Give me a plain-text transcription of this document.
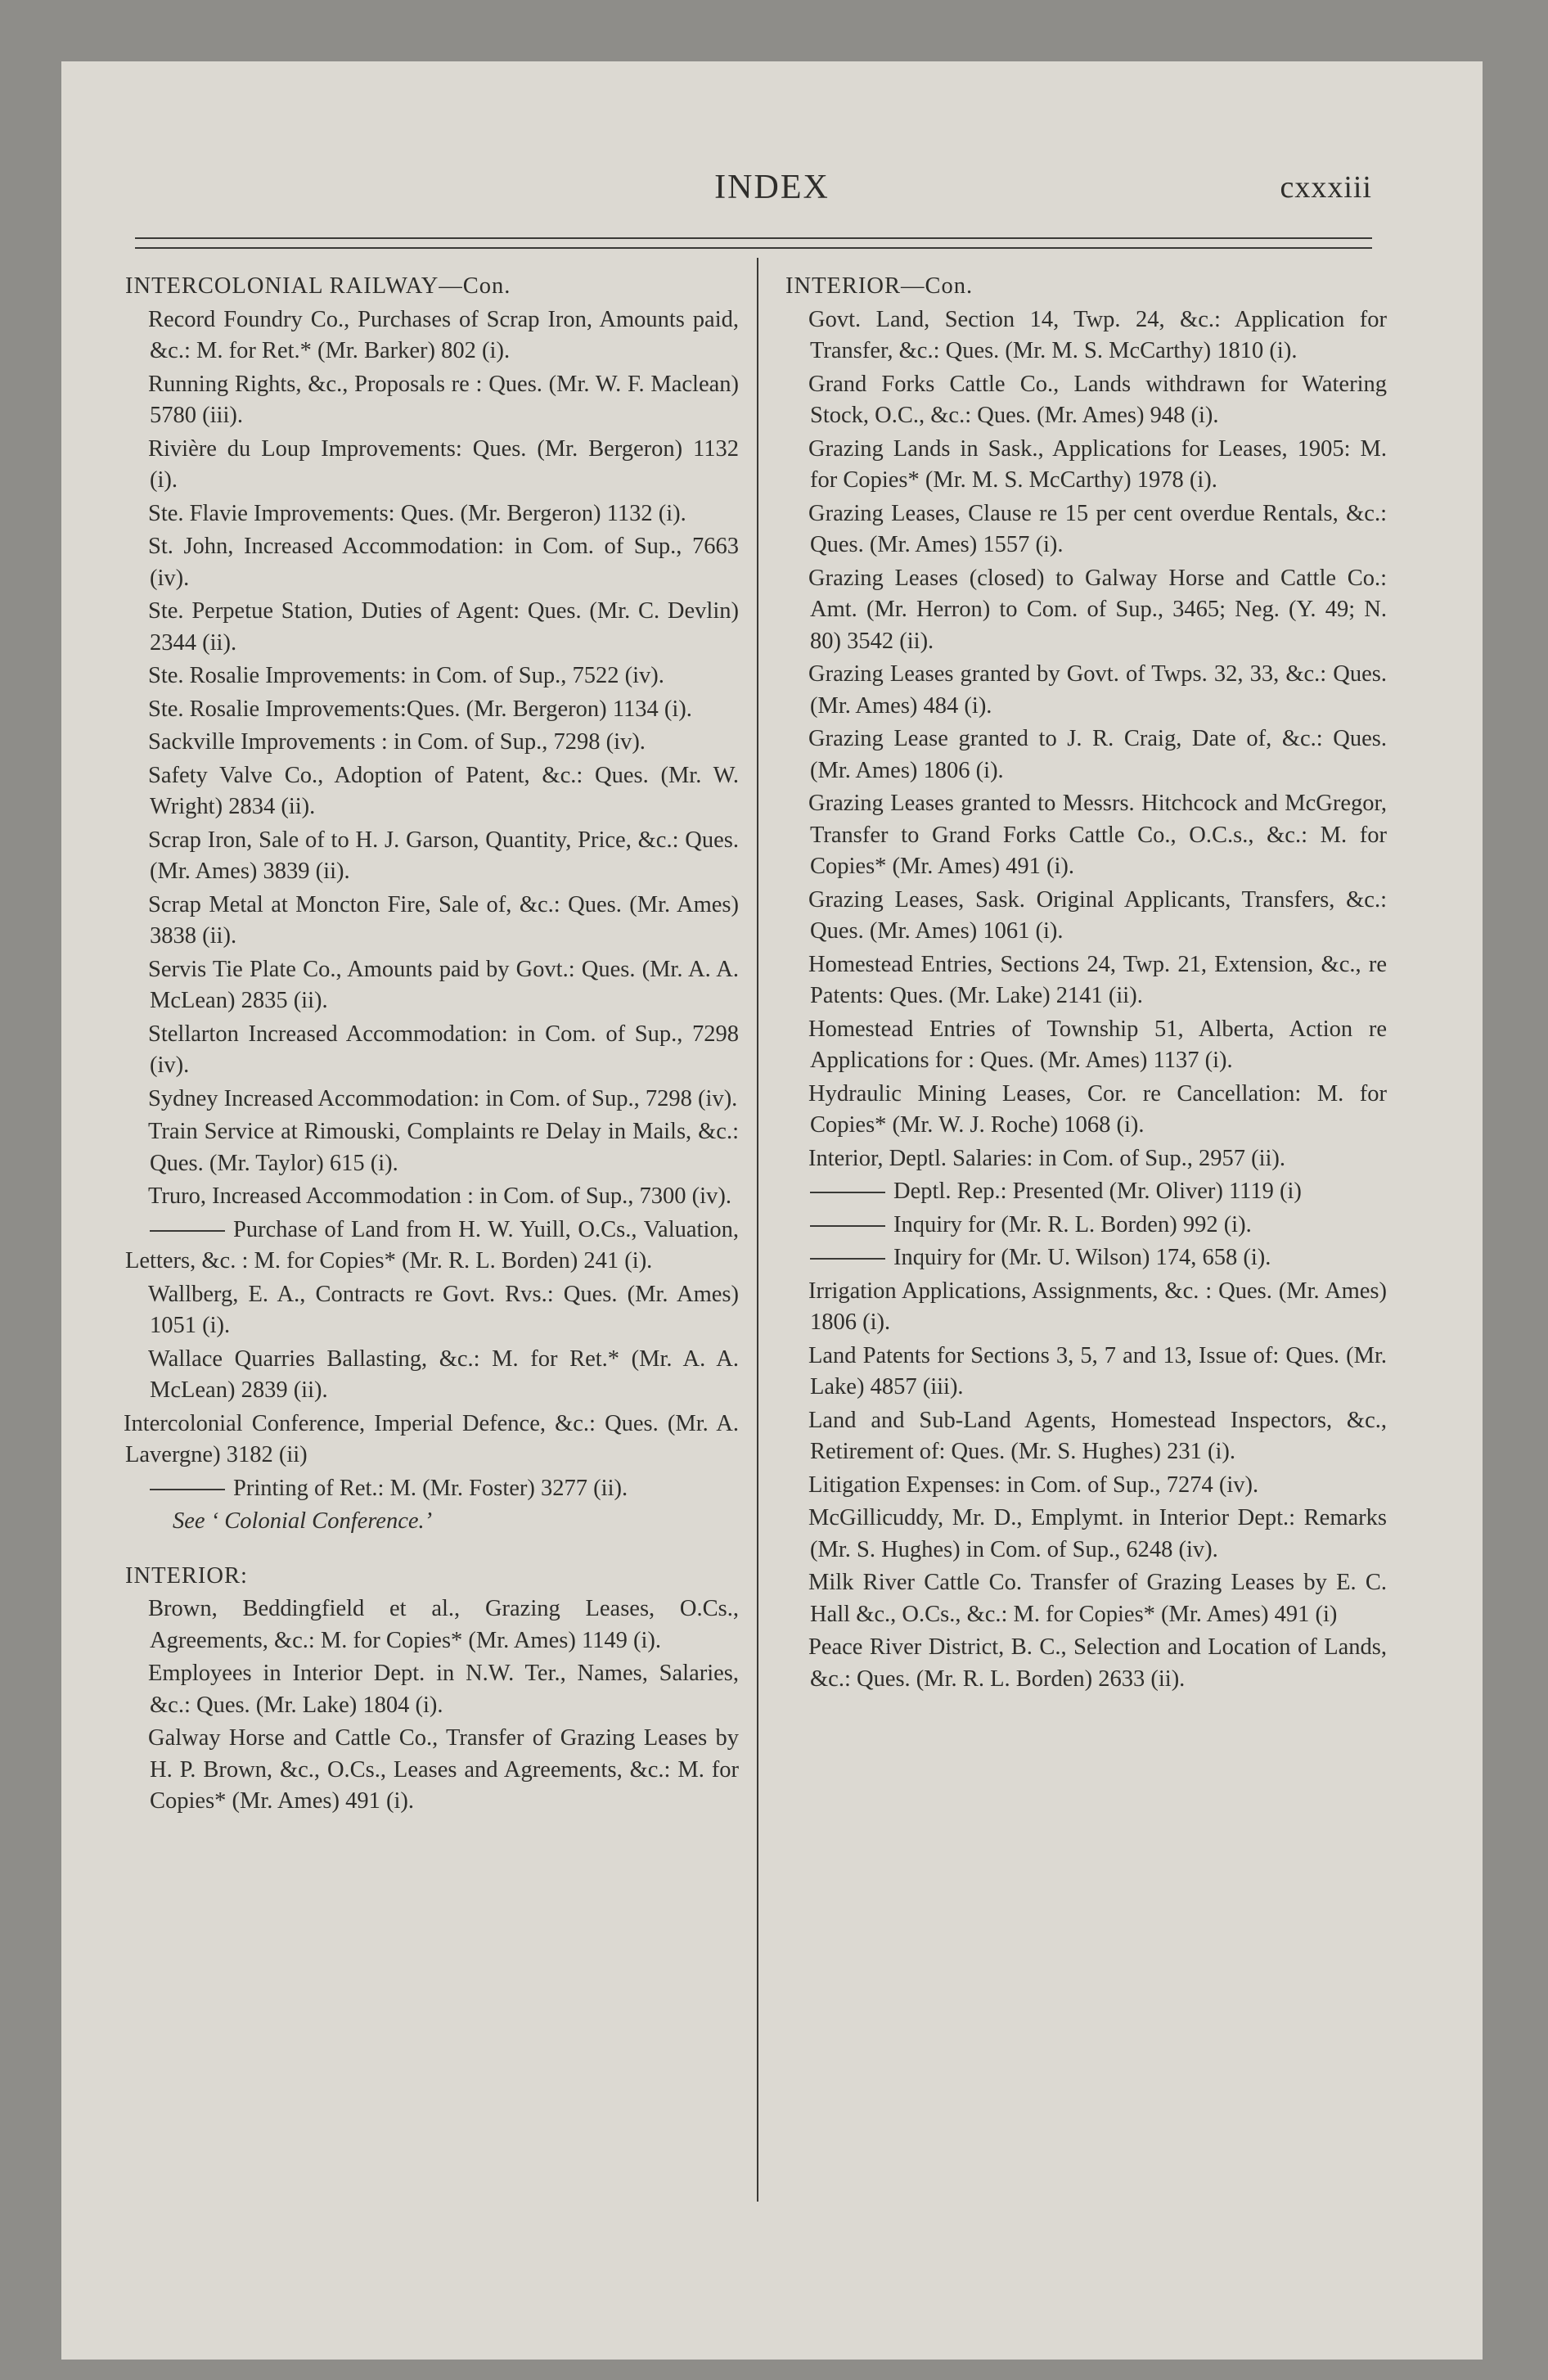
INDEX	cxxxiii
INTERCOLONIAL RAILWAY—Con.
Record Foundry Co., Purchases of Scrap Iron, Amounts paid, &c.: M. for Ret.* (Mr. Barker) 802 (i).
Running Rights, &c., Proposals re : Ques. (Mr. W. F. Maclean) 5780 (iii).
Rivière du Loup Improvements: Ques. (Mr. Bergeron) 1132 (i).
Ste. Flavie Improvements: Ques. (Mr. Bergeron) 1132 (i).
St. John, Increased Accommodation: in Com. of Sup., 7663 (iv).
Ste. Perpetue Station, Duties of Agent: Ques. (Mr. C. Devlin) 2344 (ii).
Ste. Rosalie Improvements: in Com. of Sup., 7522 (iv).
Ste. Rosalie Improvements:Ques. (Mr. Bergeron) 1134 (i).
Sackville Improvements : in Com. of Sup., 7298 (iv).
Safety Valve Co., Adoption of Patent, &c.: Ques. (Mr. W. Wright) 2834 (ii).
Scrap Iron, Sale of to H. J. Garson, Quantity, Price, &c.: Ques. (Mr. Ames) 3839 (ii).
Scrap Metal at Moncton Fire, Sale of, &c.: Ques. (Mr. Ames) 3838 (ii).
Servis Tie Plate Co., Amounts paid by Govt.: Ques. (Mr. A. A. McLean) 2835 (ii).
Stellarton Increased Accommodation: in Com. of Sup., 7298 (iv).
Sydney Increased Accommodation: in Com. of Sup., 7298 (iv).
Train Service at Rimouski, Complaints re Delay in Mails, &c.: Ques. (Mr. Taylor) 615 (i).
Truro, Increased Accommodation : in Com. of Sup., 7300 (iv).
Purchase of Land from H. W. Yuill, O.Cs., Valuation, Letters, &c. : M. for Copies* (Mr. R. L. Borden) 241 (i).
Wallberg, E. A., Contracts re Govt. Rvs.: Ques. (Mr. Ames) 1051 (i).
Wallace Quarries Ballasting, &c.: M. for Ret.* (Mr. A. A. McLean) 2839 (ii).
Intercolonial Conference, Imperial Defence, &c.: Ques. (Mr. A. Lavergne) 3182 (ii)
Printing of Ret.: M. (Mr. Foster) 3277 (ii).
See ‘ Colonial Conference.’
INTERIOR:
Brown, Beddingfield et al., Grazing Leases, O.Cs., Agreements, &c.: M. for Copies* (Mr. Ames) 1149 (i).
Employees in Interior Dept. in N.W. Ter., Names, Salaries, &c.: Ques. (Mr. Lake) 1804 (i).
Galway Horse and Cattle Co., Transfer of Grazing Leases by H. P. Brown, &c., O.Cs., Leases and Agreements, &c.: M. for Copies* (Mr. Ames) 491 (i).
INTERIOR—Con.
Govt. Land, Section 14, Twp. 24, &c.: Application for Transfer, &c.: Ques. (Mr. M. S. McCarthy) 1810 (i).
Grand Forks Cattle Co., Lands withdrawn for Watering Stock, O.C., &c.: Ques. (Mr. Ames) 948 (i).
Grazing Lands in Sask., Applications for Leases, 1905: M. for Copies* (Mr. M. S. McCarthy) 1978 (i).
Grazing Leases, Clause re 15 per cent overdue Rentals, &c.: Ques. (Mr. Ames) 1557 (i).
Grazing Leases (closed) to Galway Horse and Cattle Co.: Amt. (Mr. Herron) to Com. of Sup., 3465; Neg. (Y. 49; N. 80) 3542 (ii).
Grazing Leases granted by Govt. of Twps. 32, 33, &c.: Ques. (Mr. Ames) 484 (i).
Grazing Lease granted to J. R. Craig, Date of, &c.: Ques. (Mr. Ames) 1806 (i).
Grazing Leases granted to Messrs. Hitchcock and McGregor, Transfer to Grand Forks Cattle Co., O.C.s., &c.: M. for Copies* (Mr. Ames) 491 (i).
Grazing Leases, Sask. Original Applicants, Transfers, &c.: Ques. (Mr. Ames) 1061 (i).
Homestead Entries, Sections 24, Twp. 21, Extension, &c., re Patents: Ques. (Mr. Lake) 2141 (ii).
Homestead Entries of Township 51, Alberta, Action re Applications for : Ques. (Mr. Ames) 1137 (i).
Hydraulic Mining Leases, Cor. re Cancellation: M. for Copies* (Mr. W. J. Roche) 1068 (i).
Interior, Deptl. Salaries: in Com. of Sup., 2957 (ii).
Deptl. Rep.: Presented (Mr. Oliver) 1119 (i)
Inquiry for (Mr. R. L. Borden) 992 (i).
Inquiry for (Mr. U. Wilson) 174, 658 (i).
Irrigation Applications, Assignments, &c. : Ques. (Mr. Ames) 1806 (i).
Land Patents for Sections 3, 5, 7 and 13, Issue of: Ques. (Mr. Lake) 4857 (iii).
Land and Sub-Land Agents, Homestead Inspectors, &c., Retirement of: Ques. (Mr. S. Hughes) 231 (i).
Litigation Expenses: in Com. of Sup., 7274 (iv).
McGillicuddy, Mr. D., Emplymt. in Interior Dept.: Remarks (Mr. S. Hughes) in Com. of Sup., 6248 (iv).
Milk River Cattle Co. Transfer of Grazing Leases by E. C. Hall &c., O.Cs., &c.: M. for Copies* (Mr. Ames) 491 (i)
Peace River District, B. C., Selection and Location of Lands, &c.: Ques. (Mr. R. L. Borden) 2633 (ii).
